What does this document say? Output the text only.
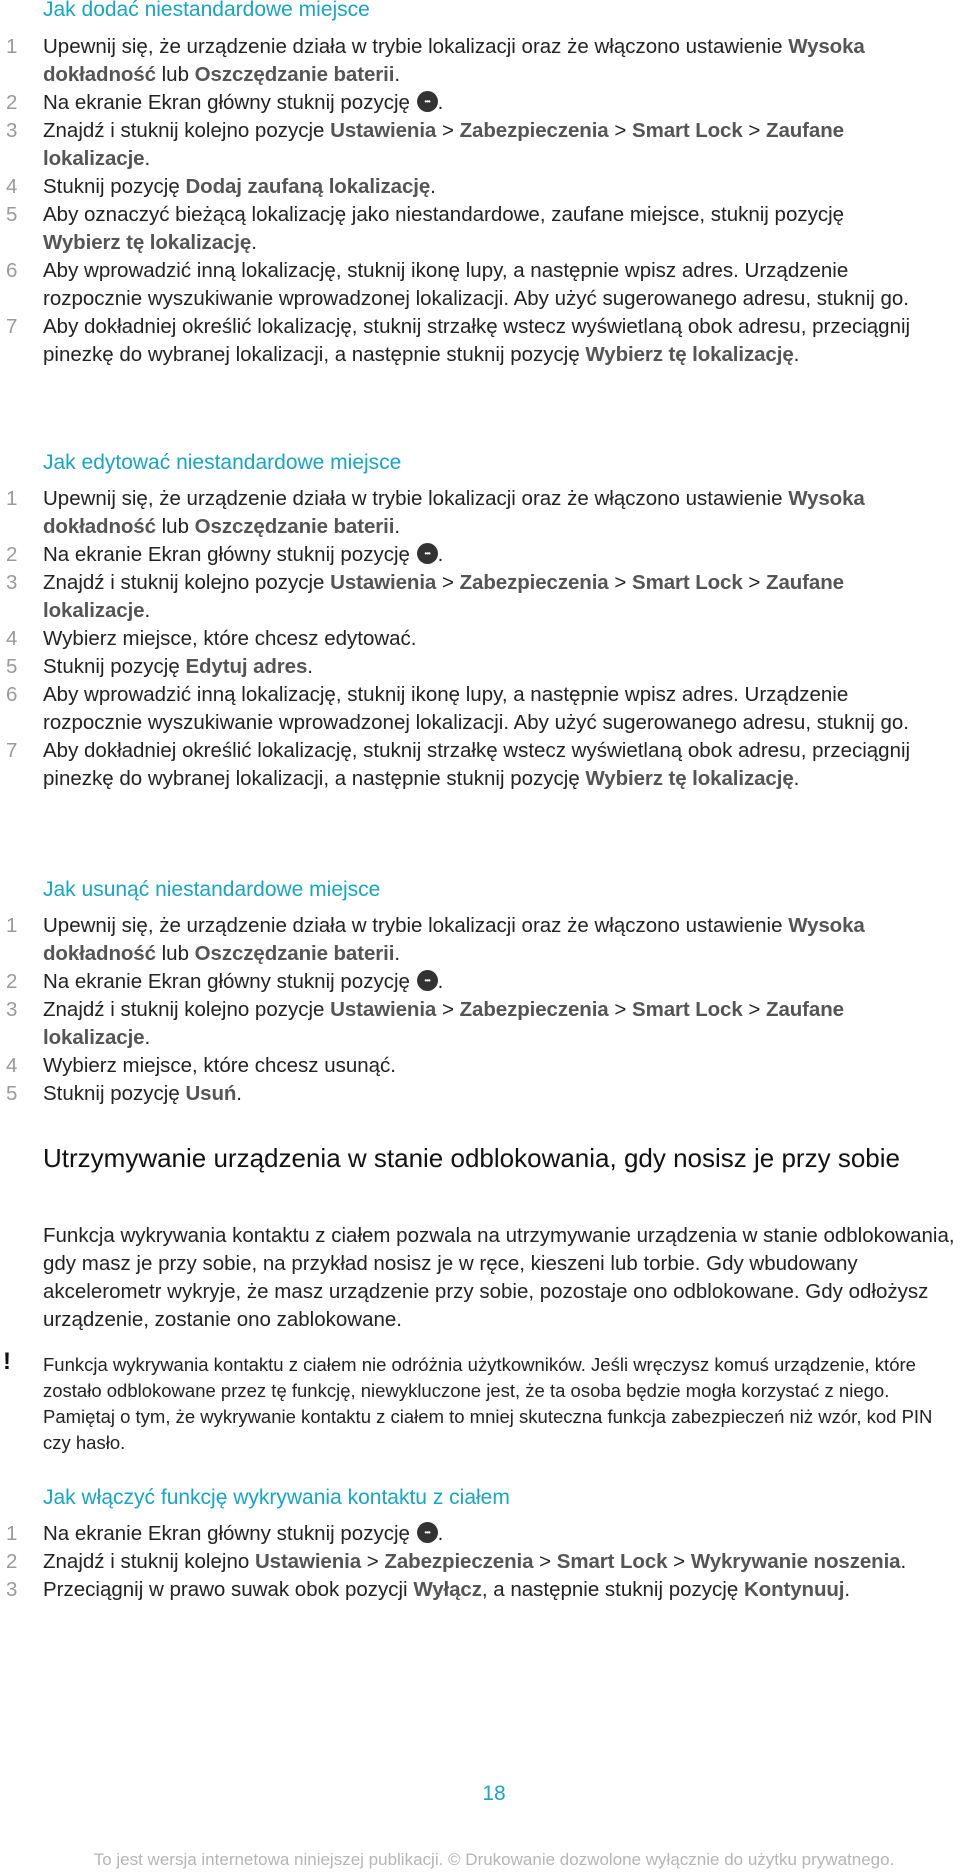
Jak dodać niestandardowe miejsce
1 Upewnij się, że urządzenie działa w trybie lokalizacji oraz że włączono ustawienie Wysoka dokładność lub Oszczędzanie baterii.
2 Na ekranie Ekran główny stuknij pozycję •••.
3 Znajdź i stuknij kolejno pozycje Ustawienia > Zabezpieczenia > Smart Lock > Zaufane lokalizacje.
4 Stuknij pozycję Dodaj zaufaną lokalizację.
5 Aby oznaczyć bieżącą lokalizację jako niestandardowe, zaufane miejsce, stuknij pozycję Wybierz tę lokalizację.
6 Aby wprowadzić inną lokalizację, stuknij ikonę lupy, a następnie wpisz adres. Urządzenie rozpocznie wyszukiwanie wprowadzonej lokalizacji. Aby użyć sugerowanego adresu, stuknij go.
7 Aby dokładniej określić lokalizację, stuknij strzałkę wstecz wyświetlaną obok adresu, przeciągnij pinezkę do wybranej lokalizacji, a następnie stuknij pozycję Wybierz tę lokalizację.
Jak edytować niestandardowe miejsce
1 Upewnij się, że urządzenie działa w trybie lokalizacji oraz że włączono ustawienie Wysoka dokładność lub Oszczędzanie baterii.
2 Na ekranie Ekran główny stuknij pozycję •••.
3 Znajdź i stuknij kolejno pozycje Ustawienia > Zabezpieczenia > Smart Lock > Zaufane lokalizacje.
4 Wybierz miejsce, które chcesz edytować.
5 Stuknij pozycję Edytuj adres.
6 Aby wprowadzić inną lokalizację, stuknij ikonę lupy, a następnie wpisz adres. Urządzenie rozpocznie wyszukiwanie wprowadzonej lokalizacji. Aby użyć sugerowanego adresu, stuknij go.
7 Aby dokładniej określić lokalizację, stuknij strzałkę wstecz wyświetlaną obok adresu, przeciągnij pinezkę do wybranej lokalizacji, a następnie stuknij pozycję Wybierz tę lokalizację.
Jak usunąć niestandardowe miejsce
1 Upewnij się, że urządzenie działa w trybie lokalizacji oraz że włączono ustawienie Wysoka dokładność lub Oszczędzanie baterii.
2 Na ekranie Ekran główny stuknij pozycję •••.
3 Znajdź i stuknij kolejno pozycje Ustawienia > Zabezpieczenia > Smart Lock > Zaufane lokalizacje.
4 Wybierz miejsce, które chcesz usunąć.
5 Stuknij pozycję Usuń.
Utrzymywanie urządzenia w stanie odblokowania, gdy nosisz je przy sobie

Funkcja wykrywania kontaktu z ciałem pozwala na utrzymywanie urządzenia w stanie odblokowania, gdy masz je przy sobie, na przykład nosisz je w ręce, kieszeni lub torbie. Gdy wbudowany akcelerometr wykryje, że masz urządzenie przy sobie, pozostaje ono odblokowane. Gdy odłożysz urządzenie, zostanie ono zablokowane.

! Funkcja wykrywania kontaktu z ciałem nie odróżnia użytkowników. Jeśli wręczysz komuś urządzenie, które zostało odblokowane przez tę funkcję, niewykluczone jest, że ta osoba będzie mogła korzystać z niego. Pamiętaj o tym, że wykrywanie kontaktu z ciałem to mniej skuteczna funkcja zabezpieczeń niż wzór, kod PIN czy hasło.

Jak włączyć funkcję wykrywania kontaktu z ciałem
1 Na ekranie Ekran główny stuknij pozycję •••.
2 Znajdź i stuknij kolejno Ustawienia > Zabezpieczenia > Smart Lock > Wykrywanie noszenia.
3 Przeciągnij w prawo suwak obok pozycji Wyłącz, a następnie stuknij pozycję Kontynuuj.
18
To jest wersja internetowa niniejszej publikacji. © Drukowanie dozwolone wyłącznie do użytku prywatnego.
